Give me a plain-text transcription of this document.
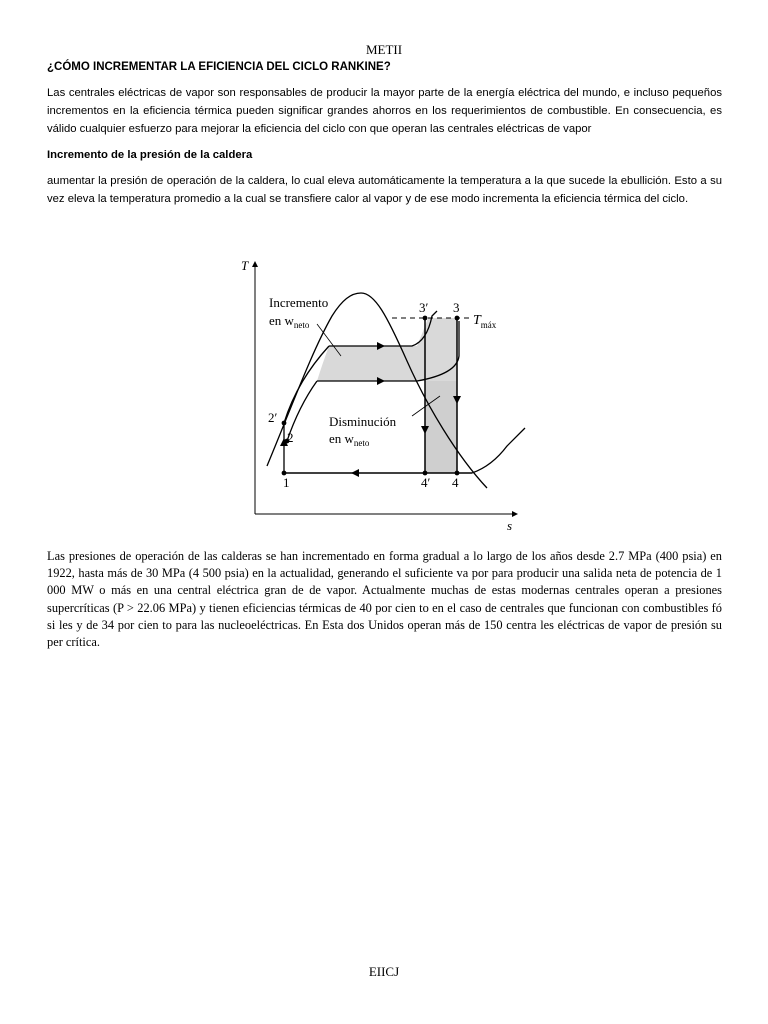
METII

¿CÓMO INCREMENTAR LA EFICIENCIA DEL CICLO RANKINE?

Las centrales eléctricas de vapor son responsables de producir la mayor parte de la energía eléctrica del mundo, e incluso pequeños incrementos en la eficiencia térmica pueden significar grandes ahorros en los requerimientos de combustible. En consecuencia, es válido cualquier esfuerzo para mejorar la eficiencia del ciclo con que operan las centrales eléctricas de vapor

Incremento de la presión de la caldera

aumentar la presión de operación de la caldera, lo cual eleva automáticamente la temperatura a la que sucede la ebullición. Esto a su vez eleva la temperatura promedio a la cual se transfiere calor al vapor y de ese modo incrementa la eficiencia térmica del ciclo.

T
s
Incremento
en $w_{neto}$
Disminución
en $w_{neto}$
$T_{máx}$
1
2
2′
3′ 3
4′ 4

Las presiones de operación de las calderas se han incrementado en forma gradual a lo largo de los años desde 2.7 MPa (400 psia) en 1922, hasta más de 30 MPa (4 500 psia) en la actualidad, generando el suficiente va por para producir una salida neta de potencia de 1 000 MW o más en una central eléctrica gran de de vapor. Actualmente muchas de estas modernas centrales operan a presiones supercríticas (P > 22.06 MPa) y tienen eficiencias térmicas de 40 por cien to en el caso de centrales que funcionan con combustibles fó si les y de 34 por cien to para las nucleoeléctricas. En Esta dos Unidos operan más de 150 centra les eléctricas de vapor de presión su per crítica.

EIICJ
